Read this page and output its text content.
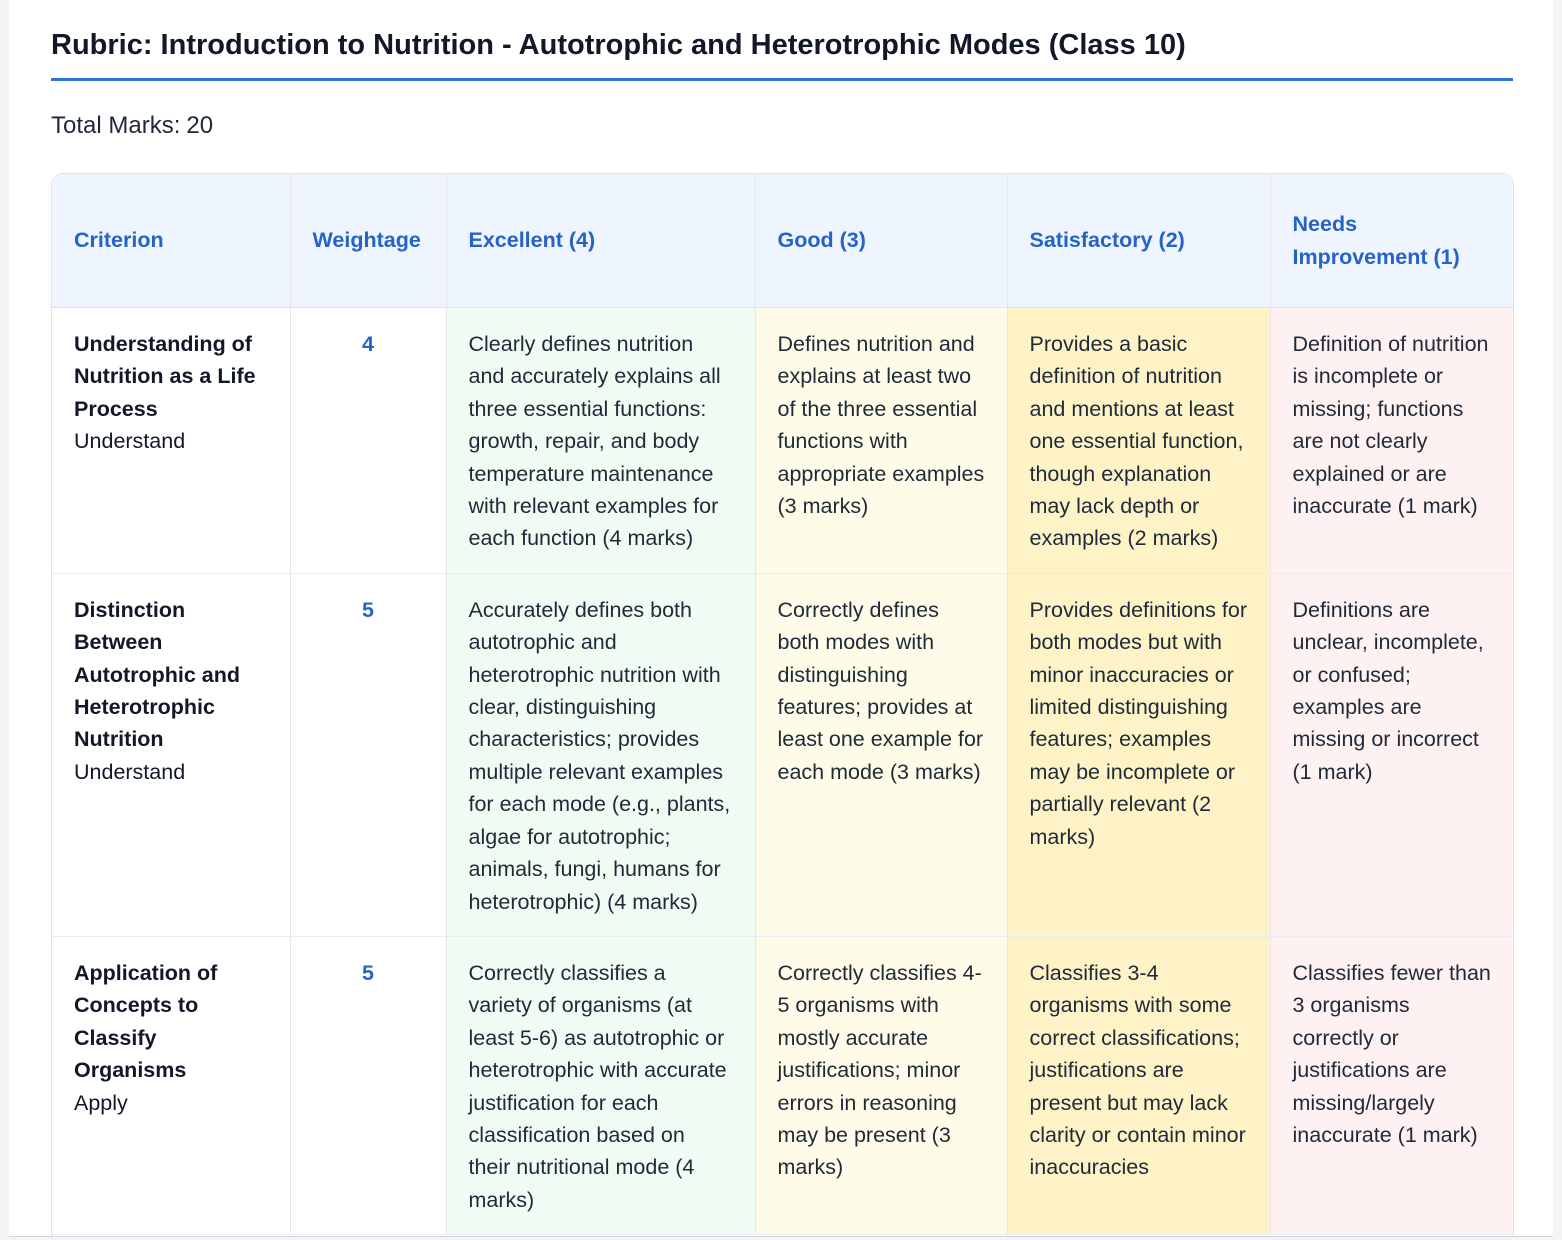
Rubric: Introduction to Nutrition - Autotrophic and Heterotrophic Modes (Class 10)
Total Marks: 20
Criterion	Weightage	Excellent (4)	Good (3)	Satisfactory (2)	Needs Improvement (1)

Understanding of Nutrition as a Life Process
Understand	4	Clearly defines nutrition and accurately explains all three essential functions: growth, repair, and body temperature maintenance with relevant examples for each function (4 marks)	Defines nutrition and explains at least two of the three essential functions with appropriate examples (3 marks)	Provides a basic definition of nutrition and mentions at least one essential function, though explanation may lack depth or examples (2 marks)	Definition of nutrition is incomplete or missing; functions are not clearly explained or are inaccurate (1 mark)

Distinction Between Autotrophic and Heterotrophic Nutrition
Understand	5	Accurately defines both autotrophic and heterotrophic nutrition with clear, distinguishing characteristics; provides multiple relevant examples for each mode (e.g., plants, algae for autotrophic; animals, fungi, humans for heterotrophic) (4 marks)	Correctly defines both modes with distinguishing features; provides at least one example for each mode (3 marks)	Provides definitions for both modes but with minor inaccuracies or limited distinguishing features; examples may be incomplete or partially relevant (2 marks)	Definitions are unclear, incomplete, or confused; examples are missing or incorrect (1 mark)

Application of Concepts to Classify Organisms
Apply	5	Correctly classifies a variety of organisms (at least 5-6) as autotrophic or heterotrophic with accurate justification for each classification based on their nutritional mode (4 marks)	Correctly classifies 4-5 organisms with mostly accurate justifications; minor errors in reasoning may be present (3 marks)	Classifies 3-4 organisms with some correct classifications; justifications are present but may lack clarity or contain minor inaccuracies	Classifies fewer than 3 organisms correctly or justifications are missing/largely inaccurate (1 mark)
